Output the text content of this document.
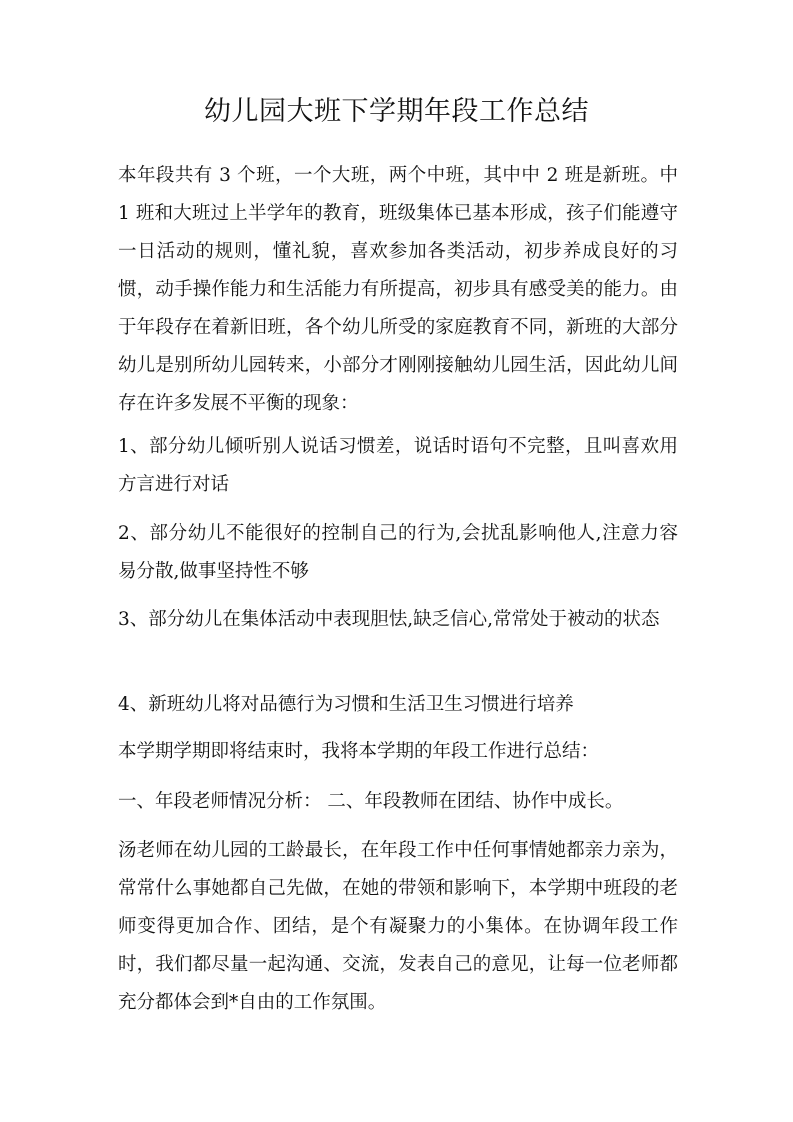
幼儿园大班下学期年段工作总结

本年段共有 3 个班，一个大班，两个中班，其中中 2 班是新班。中 1 班和大班过上半学年的教育，班级集体已基本形成，孩子们能遵守一日活动的规则，懂礼貌，喜欢参加各类活动，初步养成良好的习惯，动手操作能力和生活能力有所提高，初步具有感受美的能力。由于年段存在着新旧班，各个幼儿所受的家庭教育不同，新班的大部分幼儿是别所幼儿园转来，小部分才刚刚接触幼儿园生活，因此幼儿间存在许多发展不平衡的现象：

1、部分幼儿倾听别人说话习惯差，说话时语句不完整，且叫喜欢用方言进行对话

2、部分幼儿不能很好的控制自己的行为,会扰乱影响他人,注意力容易分散,做事坚持性不够

3、部分幼儿在集体活动中表现胆怯,缺乏信心,常常处于被动的状态

4、新班幼儿将对品德行为习惯和生活卫生习惯进行培养

本学期学期即将结束时，我将本学期的年段工作进行总结：

一、年段老师情况分析： 二、年段教师在团结、协作中成长。

汤老师在幼儿园的工龄最长，在年段工作中任何事情她都亲力亲为，常常什么事她都自己先做，在她的带领和影响下，本学期中班段的老师变得更加合作、团结，是个有凝聚力的小集体。在协调年段工作时，我们都尽量一起沟通、交流，发表自己的意见，让每一位老师都充分都体会到*自由的工作氛围。
